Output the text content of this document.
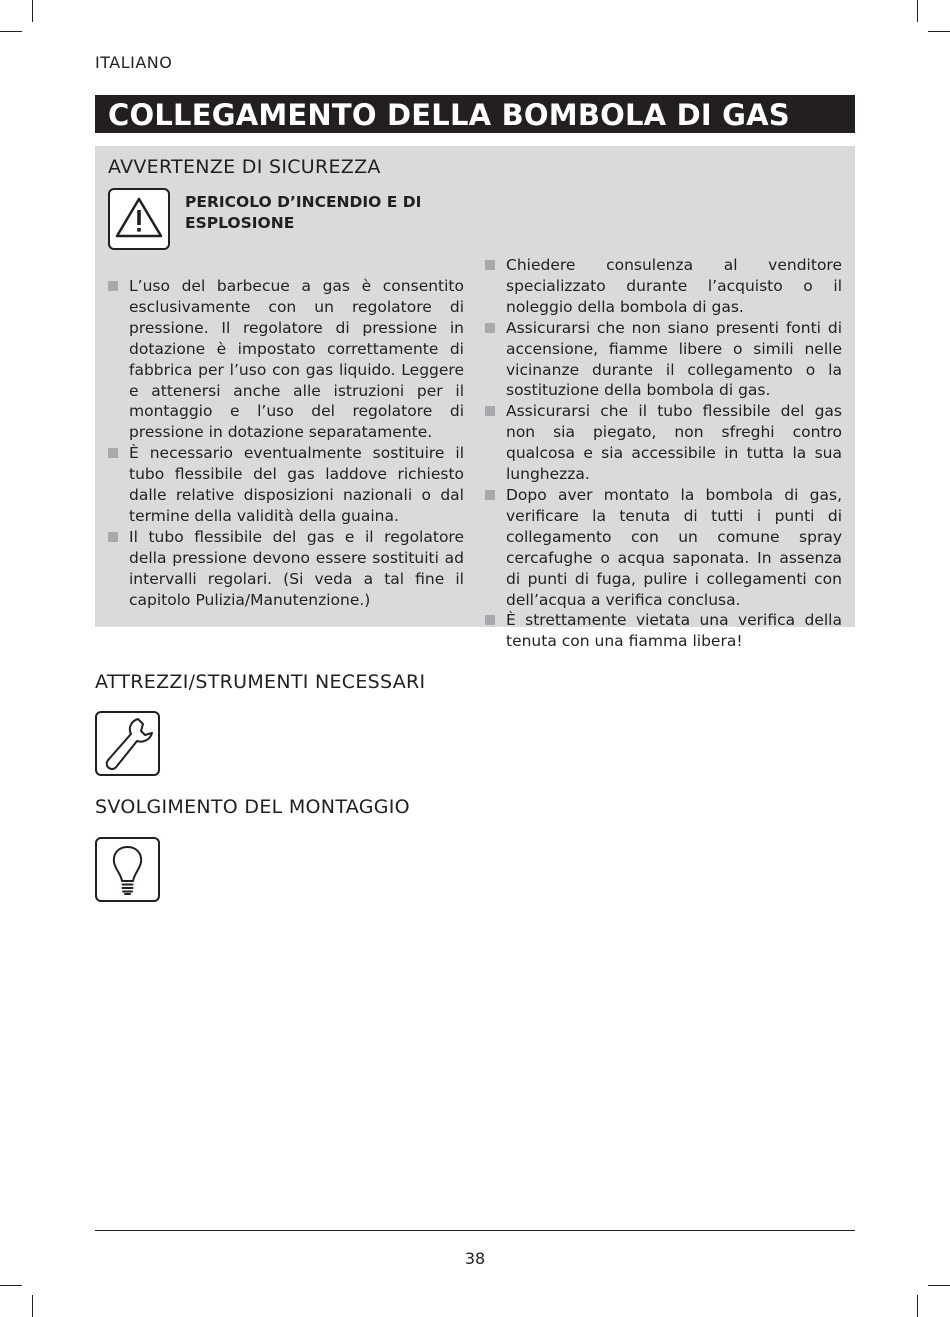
ITALIANO
COLLEGAMENTO DELLA BOMBOLA DI GAS
AVVERTENZE DI SICUREZZA
PERICOLO D’INCENDIO E DI ESPLOSIONE
L’uso del barbecue a gas è consentito esclusivamente con un regolatore di pressione. Il regolatore di pressione in dotazione è impostato correttamente di fabbrica per l’uso con gas liquido. Leggere e attenersi anche alle istruzioni per il montaggio e l’uso del regolatore di pressione in dotazione separatamente.
È necessario eventualmente sostituire il tubo flessibile del gas laddove richiesto dalle relative disposizioni nazionali o dal termine della validità della guaina.
Il tubo flessibile del gas e il regolatore della pressione devono essere sostituiti ad intervalli regolari. (Si veda a tal fine il capitolo Pulizia/Manutenzione.)
Chiedere consulenza al venditore specializzato durante l’acquisto o il noleggio della bombola di gas.
Assicurarsi che non siano presenti fonti di accensione, fiamme libere o simili nelle vicinanze durante il collegamento o la sostituzione della bombola di gas.
Assicurarsi che il tubo flessibile del gas non sia piegato, non sfreghi contro qualcosa e sia accessibile in tutta la sua lunghezza.
Dopo aver montato la bombola di gas, verificare la tenuta di tutti i punti di collegamento con un comune spray cercafughe o acqua saponata. In assenza di punti di fuga, pulire i collegamenti con dell’acqua a verifica conclusa.
È strettamente vietata una verifica della tenuta con una fiamma libera!
ATTREZZI/STRUMENTI NECESSARI
SVOLGIMENTO DEL MONTAGGIO
38
